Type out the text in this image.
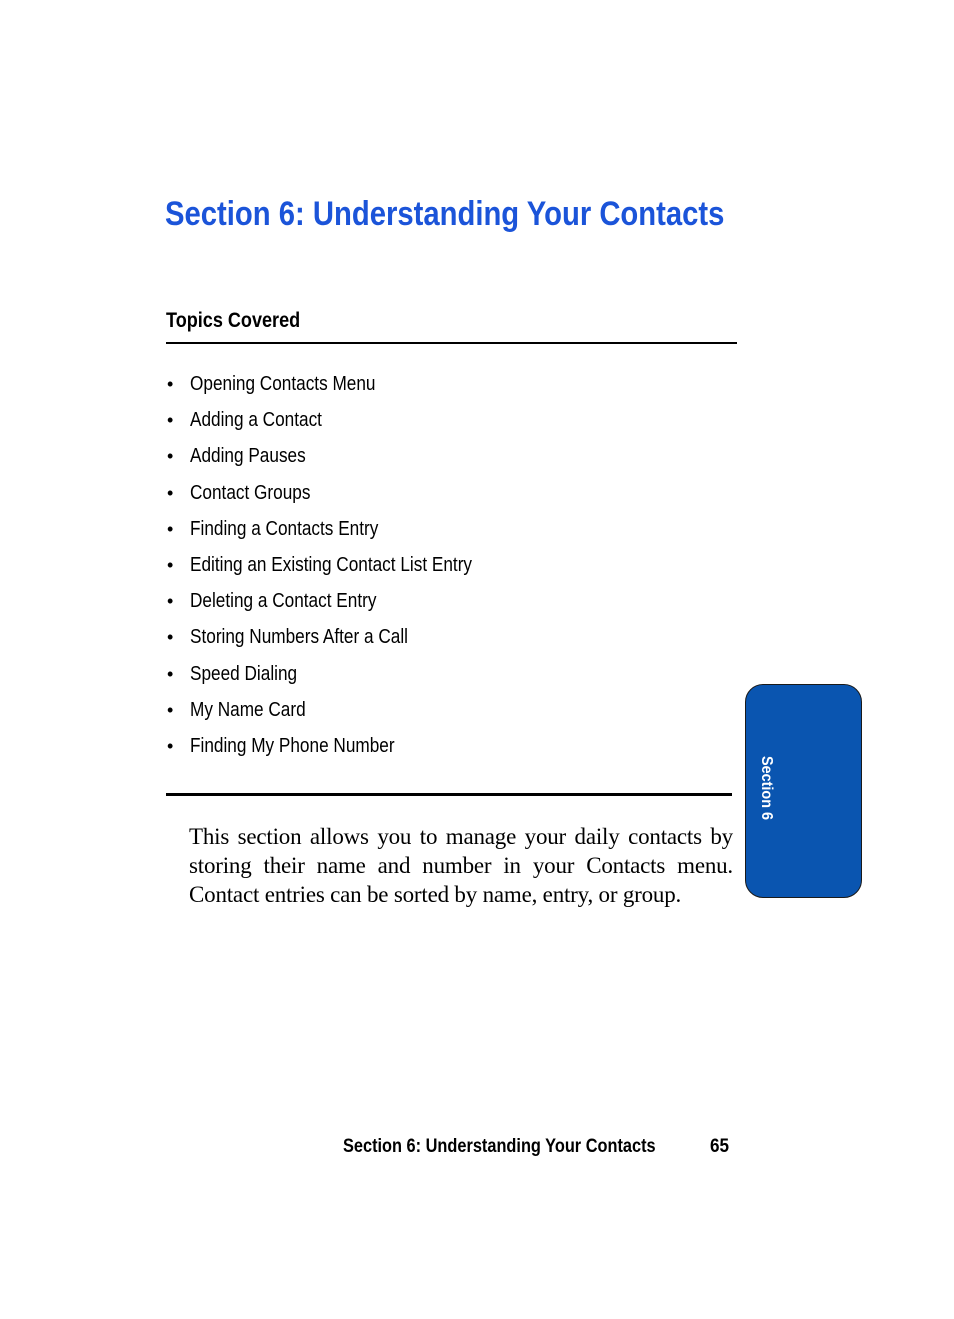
Section 6: Understanding Your Contacts
Topics Covered
• Opening Contacts Menu
• Adding a Contact
• Adding Pauses
• Contact Groups
• Finding a Contacts Entry
• Editing an Existing Contact List Entry
• Deleting a Contact Entry
• Storing Numbers After a Call
• Speed Dialing
• My Name Card
• Finding My Phone Number

This section allows you to manage your daily contacts by storing their name and number in your Contacts menu. Contact entries can be sorted by name, entry, or group.

Section 6
Section 6: Understanding Your Contacts	65
